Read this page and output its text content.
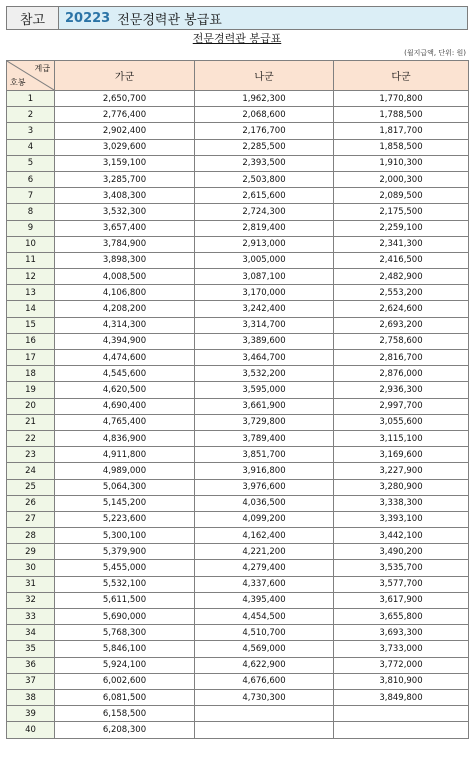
참고	20223 전문경력관 봉급표
전문경력관 봉급표
(월지급액, 단위: 원)
계급
호봉	가군	나군	다군
1	2,650,700	1,962,300	1,770,800
2	2,776,400	2,068,600	1,788,500
3	2,902,400	2,176,700	1,817,700
4	3,029,600	2,285,500	1,858,500
5	3,159,100	2,393,500	1,910,300
6	3,285,700	2,503,800	2,000,300
7	3,408,300	2,615,600	2,089,500
8	3,532,300	2,724,300	2,175,500
9	3,657,400	2,819,400	2,259,100
10	3,784,900	2,913,000	2,341,300
11	3,898,300	3,005,000	2,416,500
12	4,008,500	3,087,100	2,482,900
13	4,106,800	3,170,000	2,553,200
14	4,208,200	3,242,400	2,624,600
15	4,314,300	3,314,700	2,693,200
16	4,394,900	3,389,600	2,758,600
17	4,474,600	3,464,700	2,816,700
18	4,545,600	3,532,200	2,876,000
19	4,620,500	3,595,000	2,936,300
20	4,690,400	3,661,900	2,997,700
21	4,765,400	3,729,800	3,055,600
22	4,836,900	3,789,400	3,115,100
23	4,911,800	3,851,700	3,169,600
24	4,989,000	3,916,800	3,227,900
25	5,064,300	3,976,600	3,280,900
26	5,145,200	4,036,500	3,338,300
27	5,223,600	4,099,200	3,393,100
28	5,300,100	4,162,400	3,442,100
29	5,379,900	4,221,200	3,490,200
30	5,455,000	4,279,400	3,535,700
31	5,532,100	4,337,600	3,577,700
32	5,611,500	4,395,400	3,617,900
33	5,690,000	4,454,500	3,655,800
34	5,768,300	4,510,700	3,693,300
35	5,846,100	4,569,000	3,733,000
36	5,924,100	4,622,900	3,772,000
37	6,002,600	4,676,600	3,810,900
38	6,081,500	4,730,300	3,849,800
39	6,158,500		
40	6,208,300		
